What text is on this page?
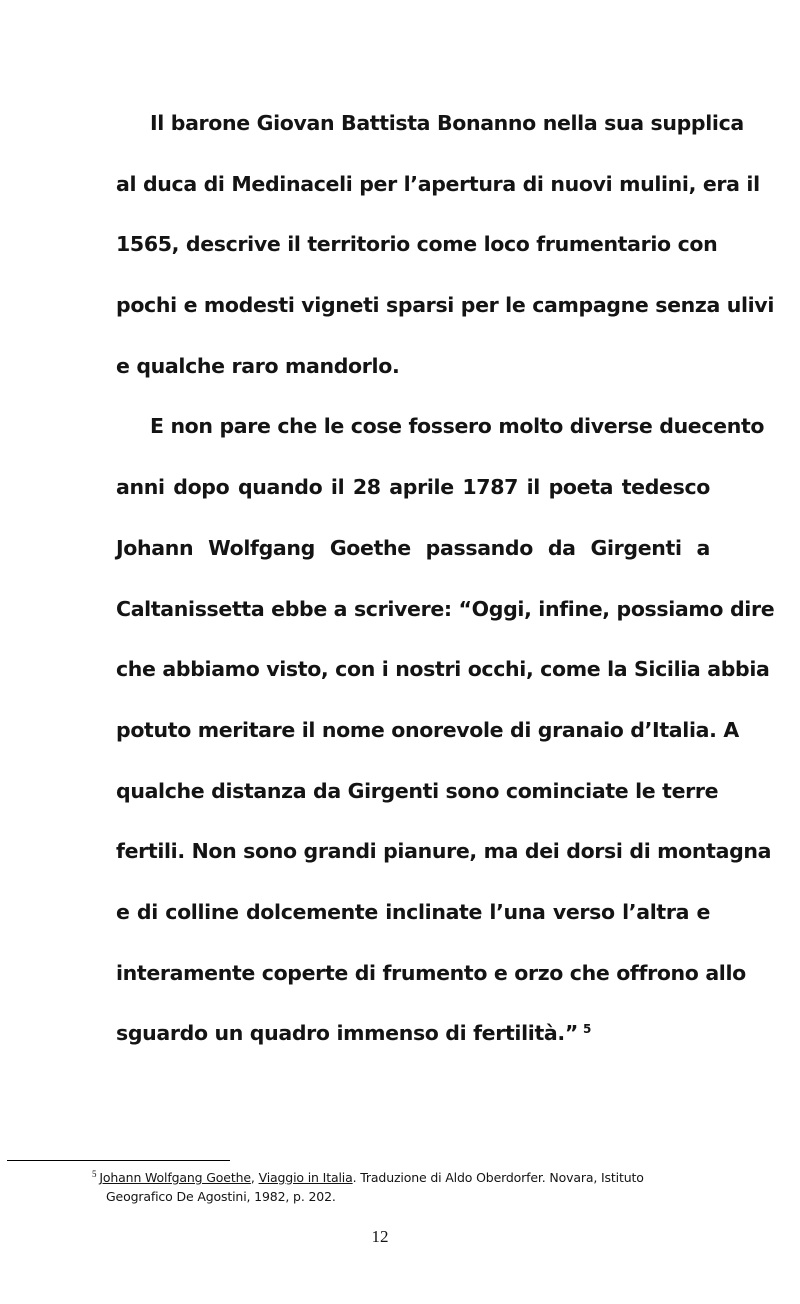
Il barone Giovan Battista Bonanno nella sua supplica
al duca di Medinaceli per l’apertura di nuovi mulini, era il
1565, descrive il territorio come loco frumentario con
pochi e modesti vigneti sparsi per le campagne senza ulivi
e qualche raro mandorlo.
E non pare che le cose fossero molto diverse duecento
anni dopo quando il 28 aprile 1787 il poeta tedesco
Johann Wolfgang Goethe passando da Girgenti a
Caltanissetta ebbe a scrivere: “Oggi, infine, possiamo dire
che abbiamo visto, con i nostri occhi, come la Sicilia abbia
potuto meritare il nome onorevole di granaio d’Italia. A
qualche distanza da Girgenti sono cominciate le terre
fertili. Non sono grandi pianure, ma dei dorsi di montagna
e di colline dolcemente inclinate l’una verso l’altra e
interamente coperte di frumento e orzo che offrono allo
sguardo un quadro immenso di fertilità.” $^5$
$^5$ Johann Wolfgang Goethe, Viaggio in Italia. Traduzione di Aldo Oberdorfer. Novara, Istituto
Geografico De Agostini, 1982, p. 202.
12
